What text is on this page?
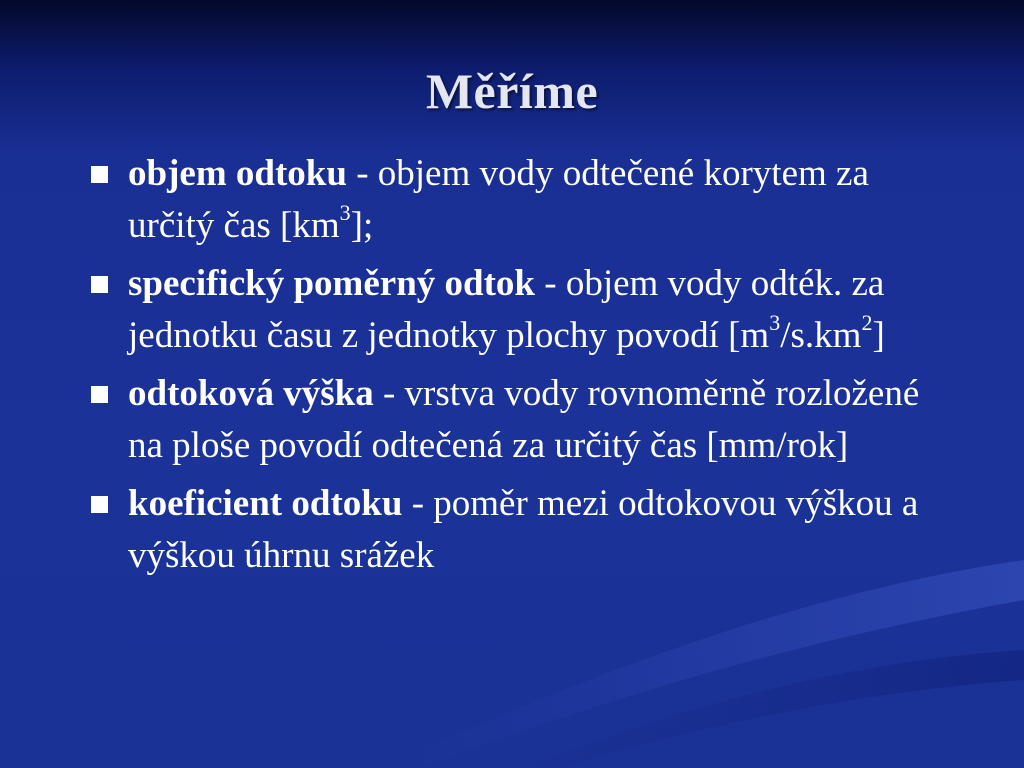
Měříme
objem odtoku - objem vody odtečené korytem za určitý čas $[km^3]$;
specifický poměrný odtok - objem vody odték. za jednotku času z jednotky plochy povodí $[m^3/s.km^2]$
odtoková výška - vrstva vody rovnoměrně rozložené na ploše povodí odtečená za určitý čas [mm/rok]
koeficient odtoku - poměr mezi odtokovou výškou a výškou úhrnu srážek
